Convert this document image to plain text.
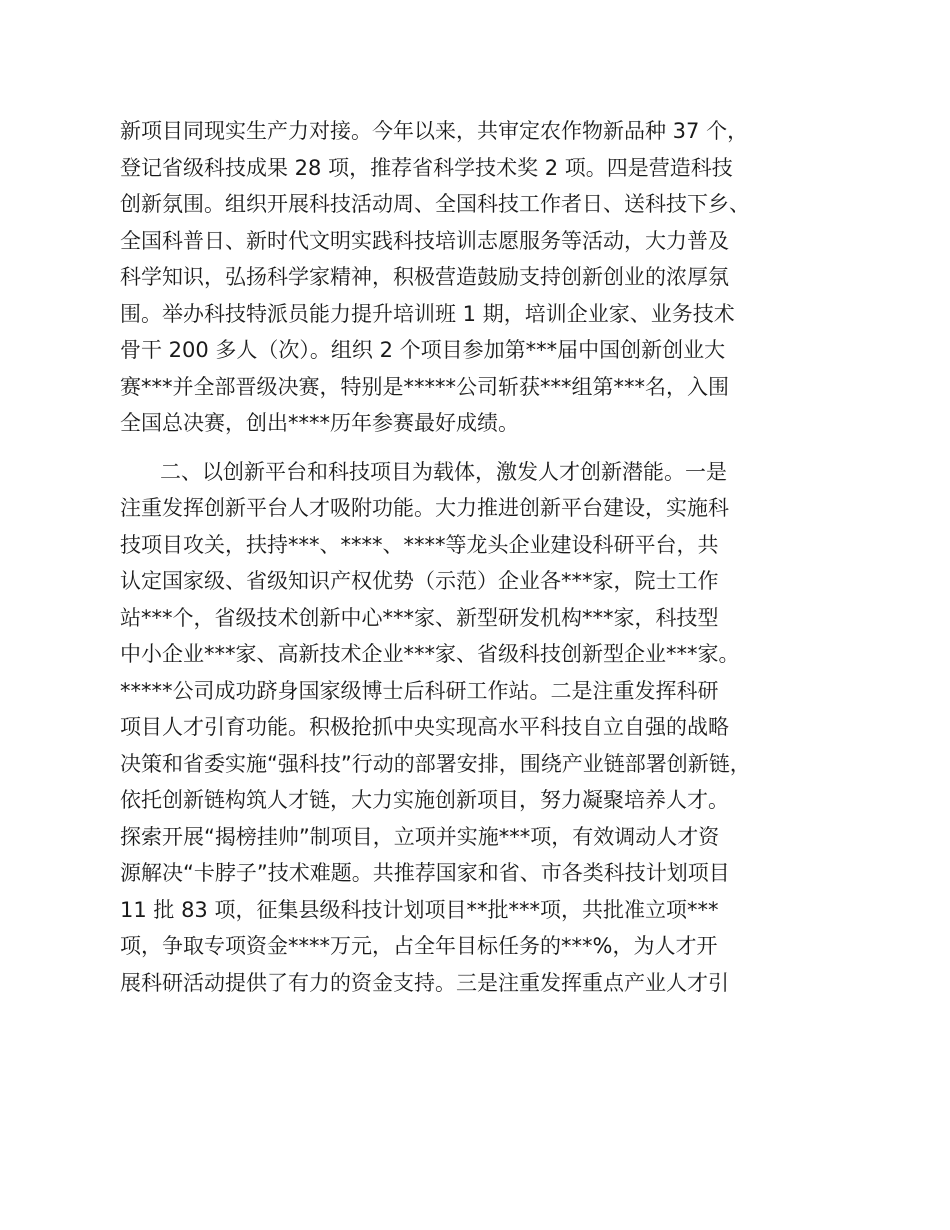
新项目同现实生产力对接。今年以来，共审定农作物新品种 37 个，
登记省级科技成果 28 项，推荐省科学技术奖 2 项。四是营造科技
创新氛围。组织开展科技活动周、全国科技工作者日、送科技下乡、
全国科普日、新时代文明实践科技培训志愿服务等活动，大力普及
科学知识，弘扬科学家精神，积极营造鼓励支持创新创业的浓厚氛
围。举办科技特派员能力提升培训班 1 期，培训企业家、业务技术
骨干 200 多人（次）。组织 2 个项目参加第***届中国创新创业大
赛***并全部晋级决赛，特别是*****公司斩获***组第***名，入围
全国总决赛，创出****历年参赛最好成绩。
二、以创新平台和科技项目为载体，激发人才创新潜能。一是
注重发挥创新平台人才吸附功能。大力推进创新平台建设，实施科
技项目攻关，扶持***、****、****等龙头企业建设科研平台，共
认定国家级、省级知识产权优势（示范）企业各***家，院士工作
站***个，省级技术创新中心***家、新型研发机构***家，科技型
中小企业***家、高新技术企业***家、省级科技创新型企业***家。
*****公司成功跻身国家级博士后科研工作站。二是注重发挥科研
项目人才引育功能。积极抢抓中央实现高水平科技自立自强的战略
决策和省委实施“强科技”行动的部署安排，围绕产业链部署创新链，
依托创新链构筑人才链，大力实施创新项目，努力凝聚培养人才。
探索开展“揭榜挂帅”制项目，立项并实施***项，有效调动人才资
源解决“卡脖子”技术难题。共推荐国家和省、市各类科技计划项目
11 批 83 项，征集县级科技计划项目**批***项，共批准立项***
项，争取专项资金****万元，占全年目标任务的***%，为人才开
展科研活动提供了有力的资金支持。三是注重发挥重点产业人才引
